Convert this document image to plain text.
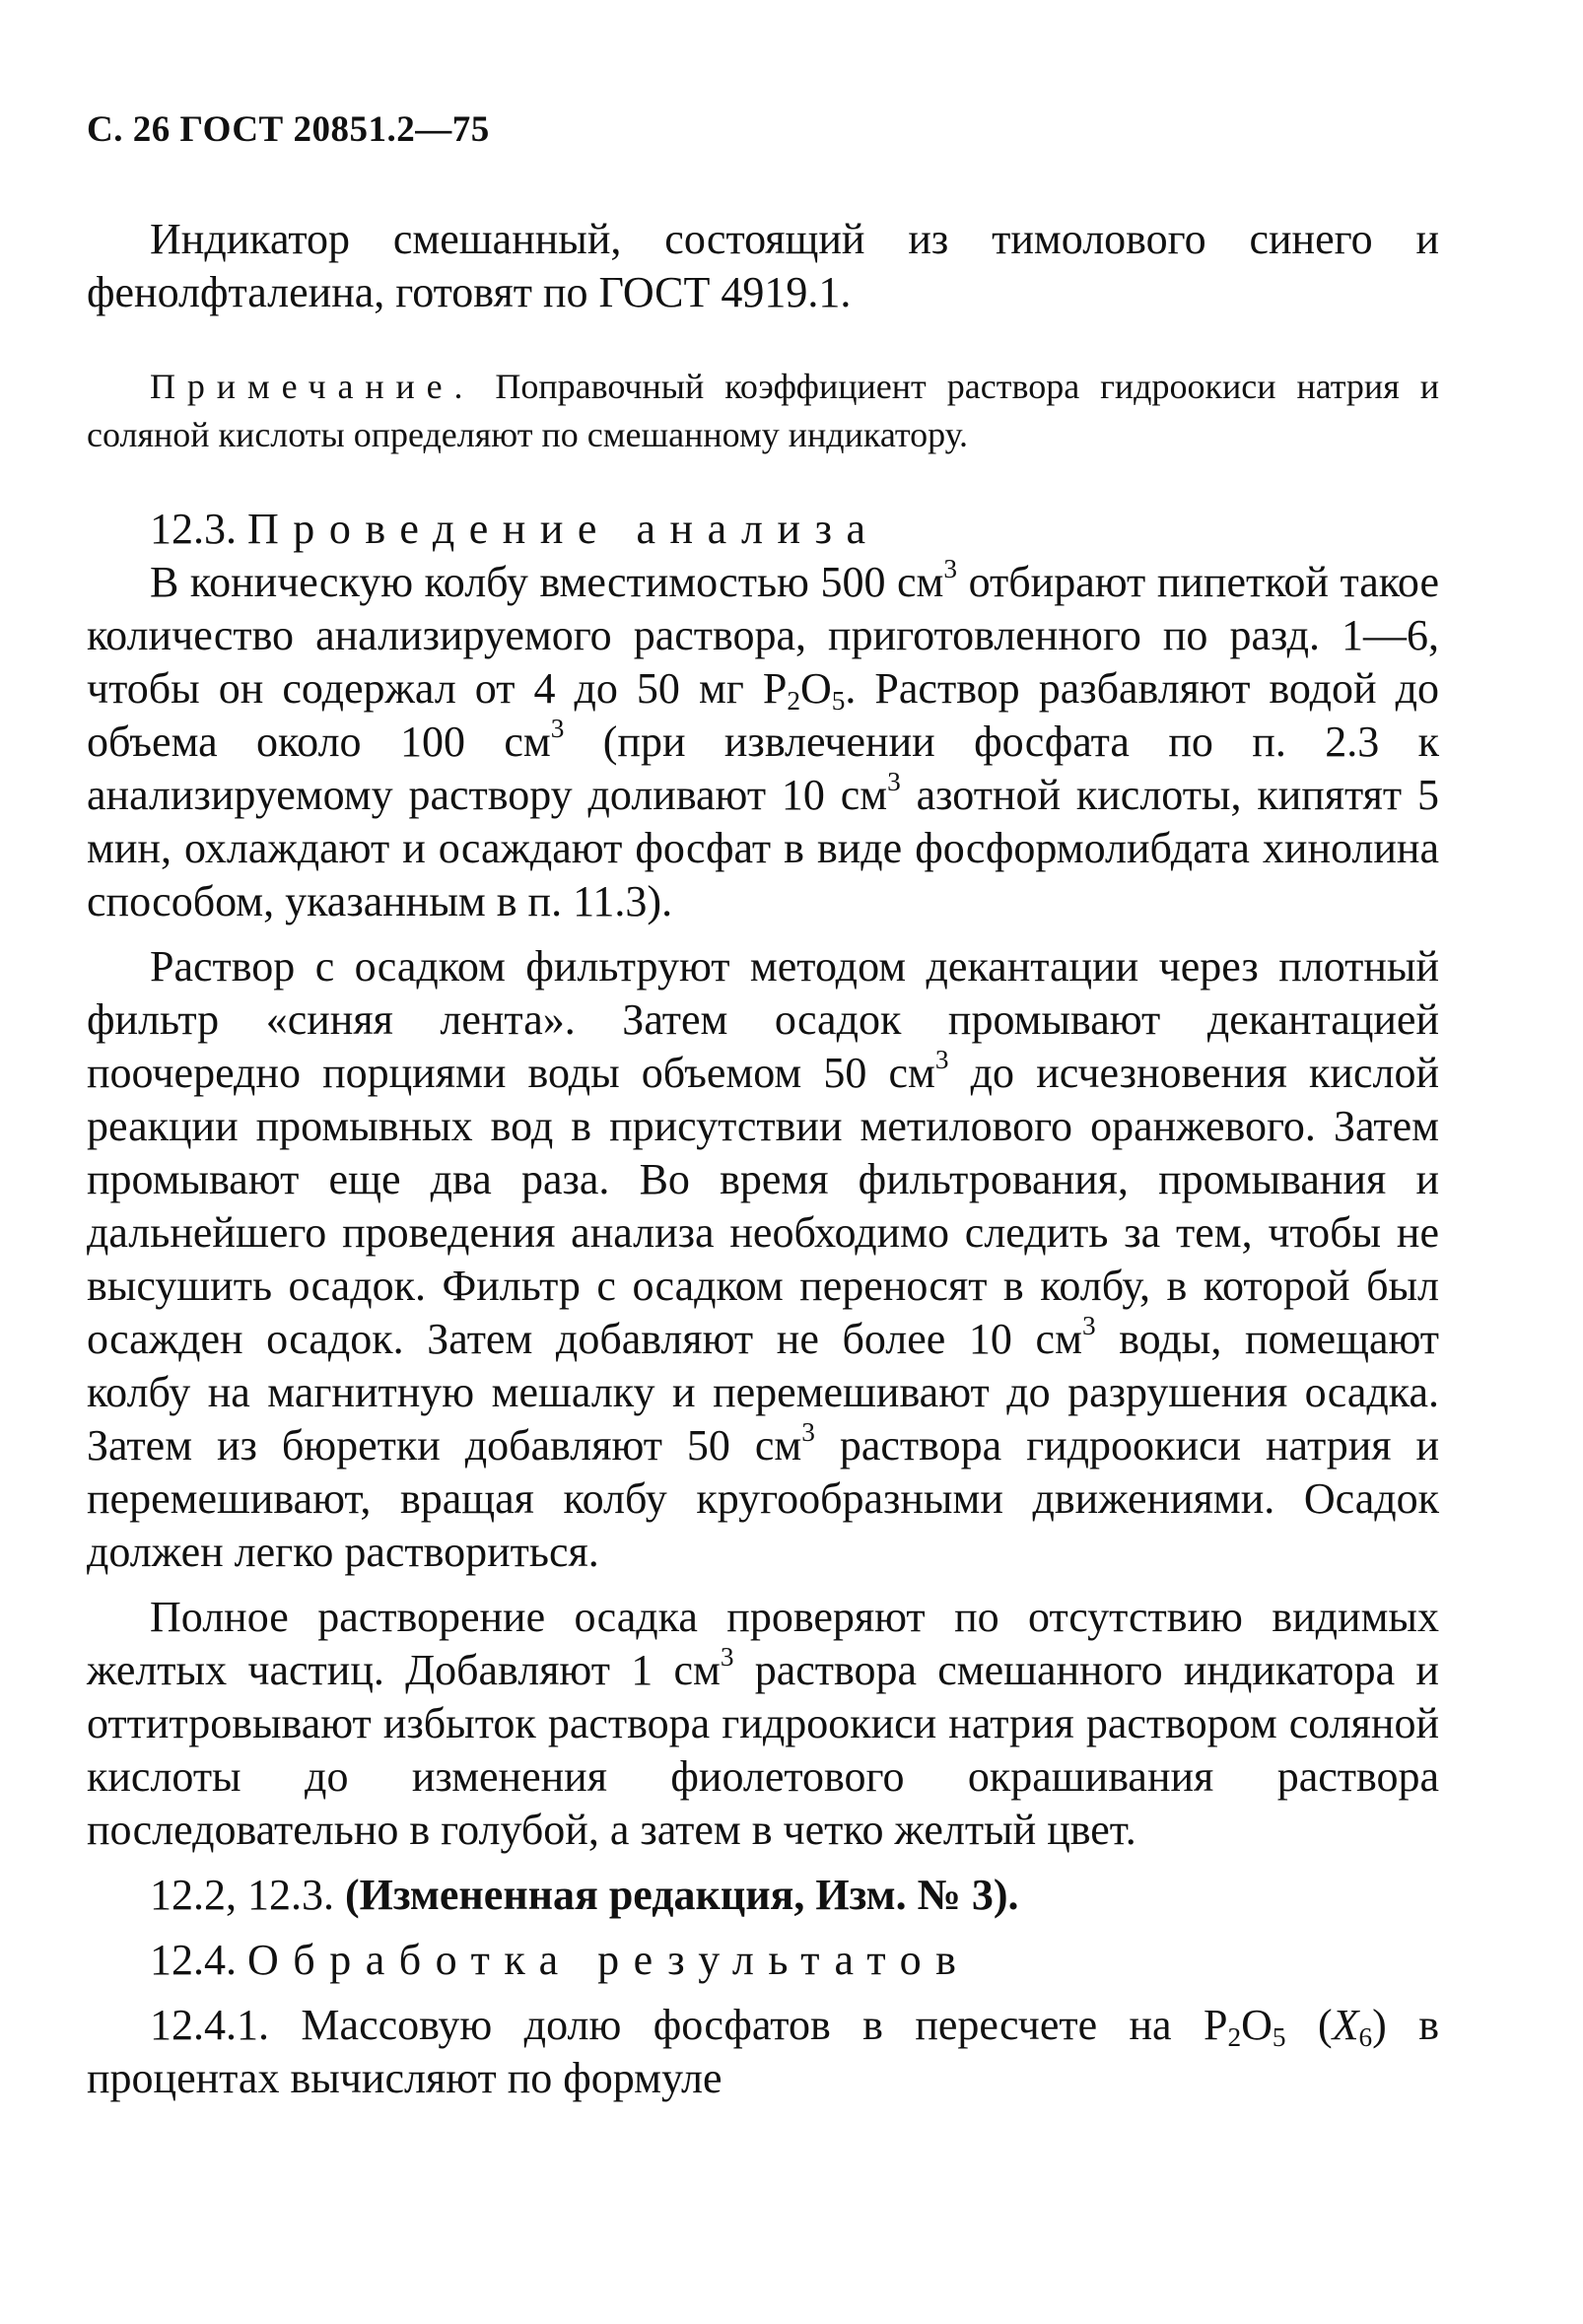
С. 26 ГОСТ 20851.2—75

Индикатор смешанный, состоящий из тимолового синего и фенолфталеина, готовят по ГОСТ 4919.1.

Примечание. Поправочный коэффициент раствора гидроокиси натрия и соляной кислоты определяют по смешанному индикатору.

12.3. Проведение анализа

В коническую колбу вместимостью 500 $см^3$ отбирают пипеткой такое количество анализируемого раствора, приготовленного по разд. 1—6, чтобы он содержал от 4 до 50 мг $P_2O_5$. Раствор разбавляют водой до объема около 100 $см^3$ (при извлечении фосфата по п. 2.3 к анализируемому раствору доливают 10 $см^3$ азотной кислоты, кипятят 5 мин, охлаждают и осаждают фосфат в виде фосформолибдата хинолина способом, указанным в п. 11.3).

Раствор с осадком фильтруют методом декантации через плотный фильтр «синяя лента». Затем осадок промывают декантацией поочередно порциями воды объемом 50 $см^3$ до исчезновения кислой реакции промывных вод в присутствии метилового оранжевого. Затем промывают еще два раза. Во время фильтрования, промывания и дальнейшего проведения анализа необходимо следить за тем, чтобы не высушить осадок. Фильтр с осадком переносят в колбу, в которой был осажден осадок. Затем добавляют не более 10 $см^3$ воды, помещают колбу на магнитную мешалку и перемешивают до разрушения осадка. Затем из бюретки добавляют 50 $см^3$ раствора гидроокиси натрия и перемешивают, вращая колбу кругообразными движениями. Осадок должен легко раствориться.

Полное растворение осадка проверяют по отсутствию видимых желтых частиц. Добавляют 1 $см^3$ раствора смешанного индикатора и оттитровывают избыток раствора гидроокиси натрия раствором соляной кислоты до изменения фиолетового окрашивания раствора последовательно в голубой, а затем в четко желтый цвет.

12.2, 12.3. (Измененная редакция, Изм. № 3).

12.4. Обработка результатов

12.4.1. Массовую долю фосфатов в пересчете на $P_2O_5$ $(X_6)$ в процентах вычисляют по формуле
